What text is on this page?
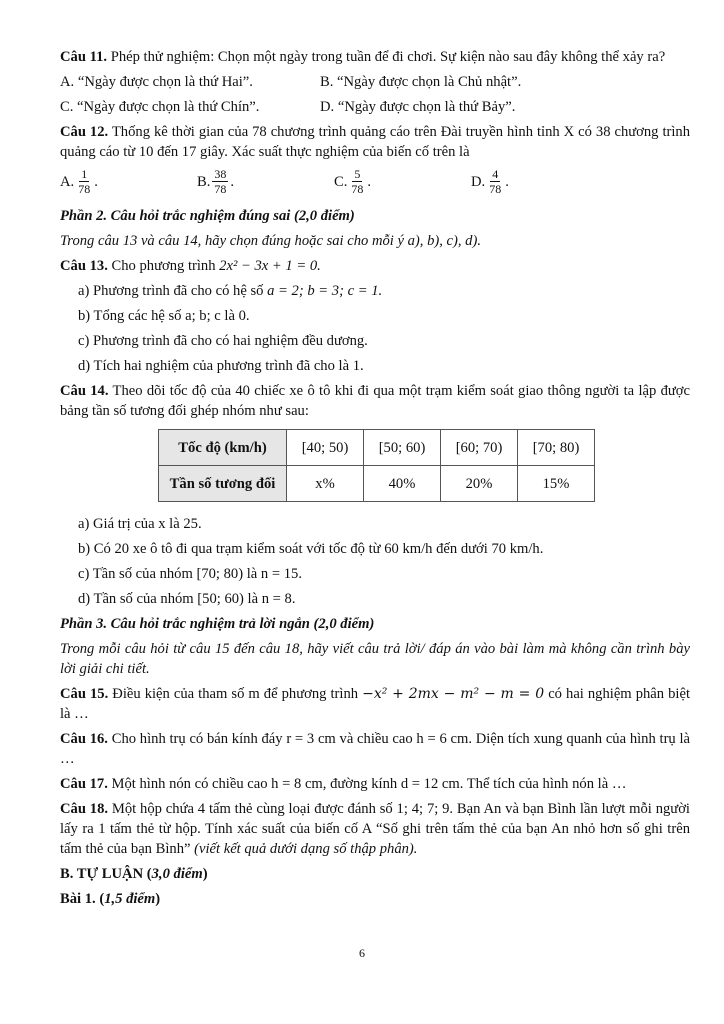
Câu 11. Phép thử nghiệm: Chọn một ngày trong tuần để đi chơi. Sự kiện nào sau đây không thể xảy ra?

A. “Ngày được chọn là thứ Hai”.	B. “Ngày được chọn là Chủ nhật”.
C. “Ngày được chọn là thứ Chín”.	D. “Ngày được chọn là thứ Bảy”.

Câu 12. Thống kê thời gian của 78 chương trình quảng cáo trên Đài truyền hình tỉnh X có 38 chương trình quảng cáo từ 10 đến 17 giây. Xác suất thực nghiệm của biến cố trên là

A. $\frac{1}{78}$ .	B. $\frac{38}{78}$ .	C. $\frac{5}{78}$ .	D. $\frac{4}{78}$ .

Phần 2. Câu hỏi trắc nghiệm đúng sai (2,0 điểm)

Trong câu 13 và câu 14, hãy chọn đúng hoặc sai cho mỗi ý a), b), c), d).

Câu 13. Cho phương trình 2x² − 3x + 1 = 0.

a) Phương trình đã cho có hệ số a = 2; b = 3; c = 1.

b) Tổng các hệ số a; b; c là 0.

c) Phương trình đã cho có hai nghiệm đều dương.

d) Tích hai nghiệm của phương trình đã cho là 1.

Câu 14. Theo dõi tốc độ của 40 chiếc xe ô tô khi đi qua một trạm kiểm soát giao thông người ta lập được bảng tần số tương đối ghép nhóm như sau:

Tốc độ (km/h)	[40; 50)	[50; 60)	[60; 70)	[70; 80)
Tần số tương đối	x%	40%	20%	15%

a) Giá trị của x là 25.

b) Có 20 xe ô tô đi qua trạm kiểm soát với tốc độ từ 60 km/h đến dưới 70 km/h.

c) Tần số của nhóm [70; 80) là n = 15.

d) Tần số của nhóm [50; 60) là n = 8.

Phần 3. Câu hỏi trắc nghiệm trả lời ngắn (2,0 điểm)

Trong mỗi câu hỏi từ câu 15 đến câu 18, hãy viết câu trả lời/ đáp án vào bài làm mà không cần trình bày lời giải chi tiết.

Câu 15. Điều kiện của tham số m để phương trình −x² + 2mx − m² − m = 0 có hai nghiệm phân biệt là …

Câu 16. Cho hình trụ có bán kính đáy r = 3 cm và chiều cao h = 6 cm. Diện tích xung quanh của hình trụ là …

Câu 17. Một hình nón có chiều cao h = 8 cm, đường kính d = 12 cm. Thể tích của hình nón là …

Câu 18. Một hộp chứa 4 tấm thẻ cùng loại được đánh số 1; 4; 7; 9. Bạn An và bạn Bình lần lượt mỗi người lấy ra 1 tấm thẻ từ hộp. Tính xác suất của biến cố A “Số ghi trên tấm thẻ của bạn An nhỏ hơn số ghi trên tấm thẻ của bạn Bình” (viết kết quả dưới dạng số thập phân).

B. TỰ LUẬN (3,0 điểm)

Bài 1. (1,5 điểm)

6
